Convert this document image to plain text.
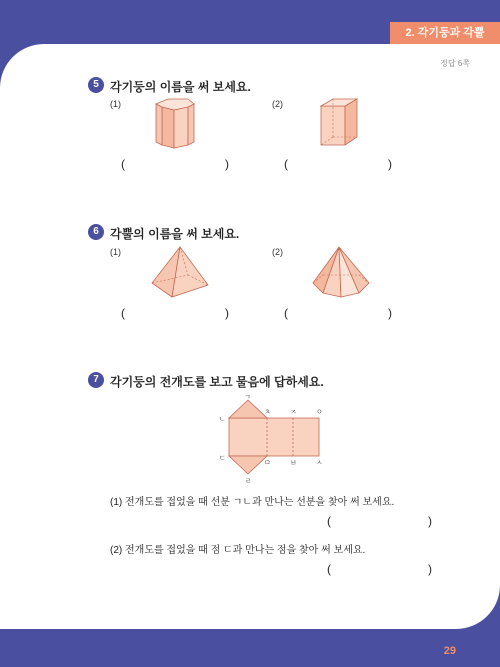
2. 각기둥과 각뿔
정답 6쪽
5 각기둥의 이름을 써 보세요.
(1)	(2)
(	)	(	)
6 각뿔의 이름을 써 보세요.
(1)	(2)
(	)	(	)
7 각기둥의 전개도를 보고 물음에 답하세요.
ㄱ
ㄴ
ㄷ
ㄹ
ㅊ	ㅈ	ㅇ
ㅁ	ㅂ	ㅅ
(1) 전개도를 접었을 때 선분 ㄱㄴ과 만나는 선분을 찾아 써 보세요.
(	)
(2) 전개도를 접었을 때 점 ㄷ과 만나는 점을 찾아 써 보세요.
(	)
29
